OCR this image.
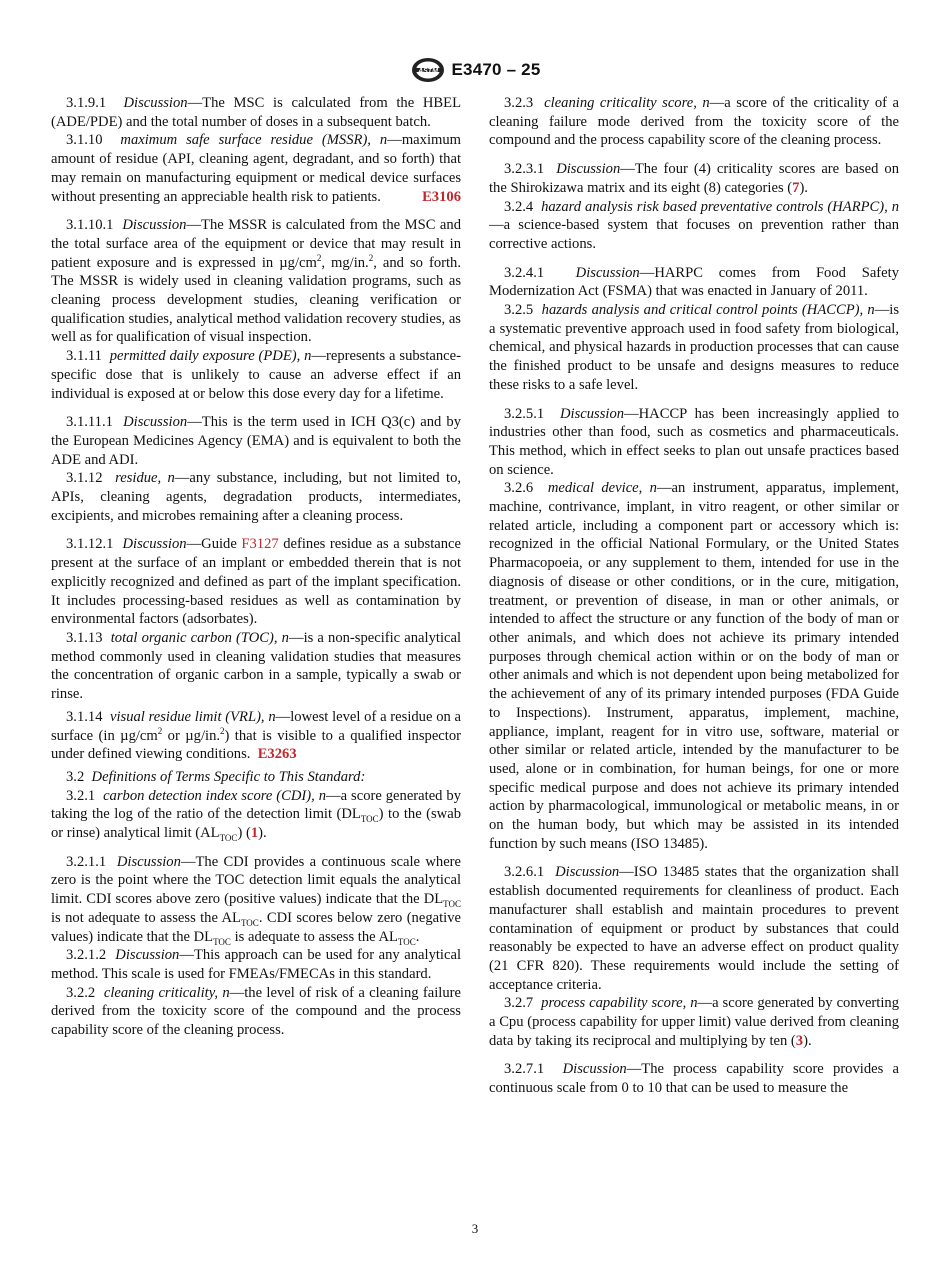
ASTM E3470 – 25

3.1.9.1 Discussion—The MSC is calculated from the HBEL (ADE/PDE) and the total number of doses in a subsequent batch.

3.1.10 maximum safe surface residue (MSSR), n—maximum amount of residue (API, cleaning agent, degradant, and so forth) that may remain on manufacturing equipment or medical device surfaces without presenting an appreciable health risk to patients.	E3106

3.1.10.1 Discussion—The MSSR is calculated from the MSC and the total surface area of the equipment or device that may result in patient exposure and is expressed in $\mu g/cm^2$, mg/in.$^2$, and so forth. The MSSR is widely used in cleaning validation programs, such as cleaning process development studies, cleaning verification or qualification studies, analytical method validation recovery studies, as well as for qualification of visual inspection.

3.1.11 permitted daily exposure (PDE), n—represents a substance-specific dose that is unlikely to cause an adverse effect if an individual is exposed at or below this dose every day for a lifetime.

3.1.11.1 Discussion—This is the term used in ICH Q3(c) and by the European Medicines Agency (EMA) and is equivalent to both the ADE and ADI.

3.1.12 residue, n—any substance, including, but not limited to, APIs, cleaning agents, degradation products, intermediates, excipients, and microbes remaining after a cleaning process.

3.1.12.1 Discussion—Guide F3127 defines residue as a substance present at the surface of an implant or embedded therein that is not explicitly recognized and defined as part of the implant specification. It includes processing-based residues as well as contamination by environmental factors (adsorbates).

3.1.13 total organic carbon (TOC), n—is a non-specific analytical method commonly used in cleaning validation studies that measures the concentration of organic carbon in a sample, typically a swab or rinse.

3.1.14 visual residue limit (VRL), n—lowest level of a residue on a surface (in $\mu g/cm^2$ or µg/in.$^2$) that is visible to a qualified inspector under defined viewing conditions. E3263

3.2 Definitions of Terms Specific to This Standard:

3.2.1 carbon detection index score (CDI), n—a score generated by taking the log of the ratio of the detection limit $(DL_{TOC})$ to the (swab or rinse) analytical limit $(AL_{TOC})$ (1).

3.2.1.1 Discussion—The CDI provides a continuous scale where zero is the point where the TOC detection limit equals the analytical limit. CDI scores above zero (positive values) indicate that the $DL_{TOC}$ is not adequate to assess the $AL_{TOC}$. CDI scores below zero (negative values) indicate that the $DL_{TOC}$ is adequate to assess the $AL_{TOC}$.

3.2.1.2 Discussion—This approach can be used for any analytical method. This scale is used for FMEAs/FMECAs in this standard.

3.2.2 cleaning criticality, n—the level of risk of a cleaning failure derived from the toxicity score of the compound and the process capability score of the cleaning process.

3.2.3 cleaning criticality score, n—a score of the criticality of a cleaning failure mode derived from the toxicity score of the compound and the process capability score of the cleaning process.

3.2.3.1 Discussion—The four (4) criticality scores are based on the Shirokizawa matrix and its eight (8) categories (7).

3.2.4 hazard analysis risk based preventative controls (HARPC), n—a science-based system that focuses on prevention rather than corrective actions.

3.2.4.1 Discussion—HARPC comes from Food Safety Modernization Act (FSMA) that was enacted in January of 2011.

3.2.5 hazards analysis and critical control points (HACCP), n—is a systematic preventive approach used in food safety from biological, chemical, and physical hazards in production processes that can cause the finished product to be unsafe and designs measures to reduce these risks to a safe level.

3.2.5.1 Discussion—HACCP has been increasingly applied to industries other than food, such as cosmetics and pharmaceuticals. This method, which in effect seeks to plan out unsafe practices based on science.

3.2.6 medical device, n—an instrument, apparatus, implement, machine, contrivance, implant, in vitro reagent, or other similar or related article, including a component part or accessory which is: recognized in the official National Formulary, or the United States Pharmacopoeia, or any supplement to them, intended for use in the diagnosis of disease or other conditions, or in the cure, mitigation, treatment, or prevention of disease, in man or other animals, or intended to affect the structure or any function of the body of man or other animals, and which does not achieve its primary intended purposes through chemical action within or on the body of man or other animals and which is not dependent upon being metabolized for the achievement of any of its primary intended purposes (FDA Guide to Inspections). Instrument, apparatus, implement, machine, appliance, implant, reagent for in vitro use, software, material or other similar or related article, intended by the manufacturer to be used, alone or in combination, for human beings, for one or more specific medical purpose and does not achieve its primary intended action by pharmacological, immunological or metabolic means, in or on the human body, but which may be assisted in its intended function by such means (ISO 13485).

3.2.6.1 Discussion—ISO 13485 states that the organization shall establish documented requirements for cleanliness of product. Each manufacturer shall establish and maintain procedures to prevent contamination of equipment or product by substances that could reasonably be expected to have an adverse effect on product quality (21 CFR 820). These requirements would include the setting of acceptance criteria.

3.2.7 process capability score, n—a score generated by converting a Cpu (process capability for upper limit) value derived from cleaning data by taking its reciprocal and multiplying by ten (3).

3.2.7.1 Discussion—The process capability score provides a continuous scale from 0 to 10 that can be used to measure the

3
